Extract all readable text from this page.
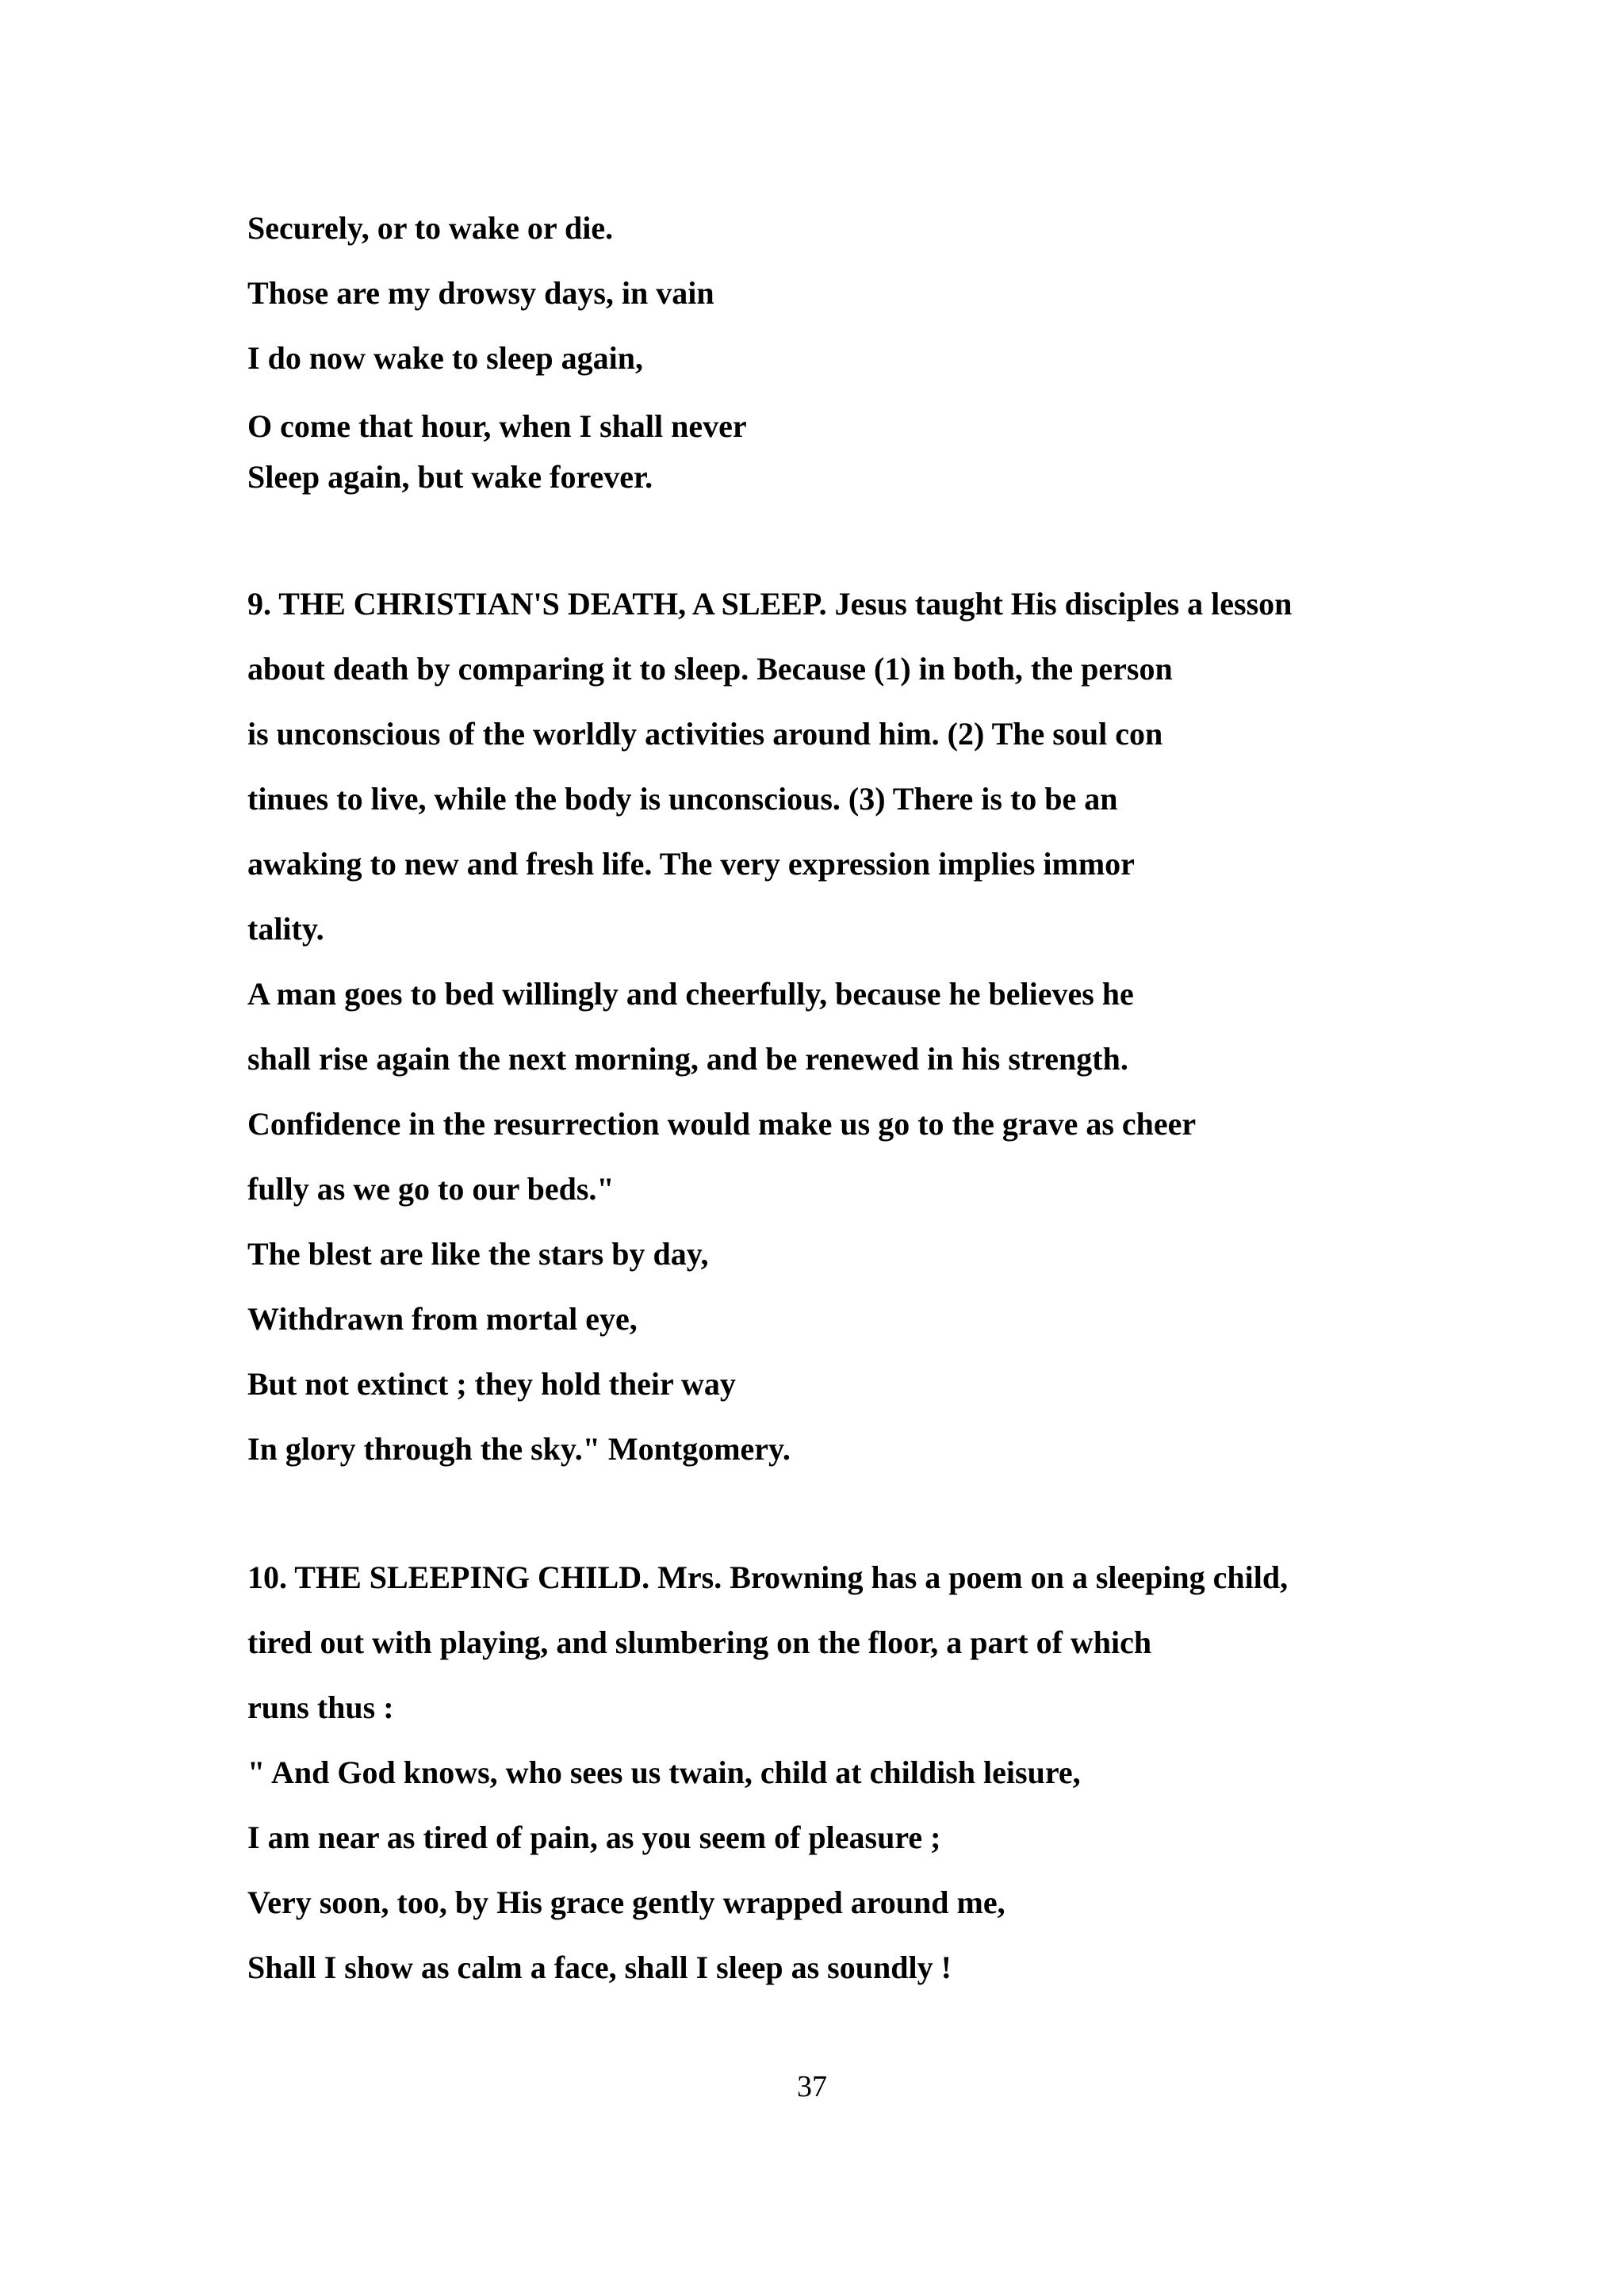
Securely, or to wake or die.

Those are my drowsy days, in vain

I do now wake to sleep again,

O come that hour, when I shall never

Sleep again, but wake forever.

9. THE CHRISTIAN'S DEATH, A SLEEP. Jesus taught His disciples a lesson

about death by comparing it to sleep. Because (1) in both, the person

is unconscious of the worldly activities around him. (2) The soul con

tinues to live, while the body is unconscious. (3) There is to be an

awaking to new and fresh life. The very expression implies immor

tality.

A man goes to bed willingly and cheerfully, because he believes he

shall rise again the next morning, and be renewed in his strength.

Confidence in the resurrection would make us go to the grave as cheer

fully as we go to our beds."

The blest are like the stars by day,

Withdrawn from mortal eye,

But not extinct ; they hold their way

In glory through the sky." Montgomery.

10. THE SLEEPING CHILD. Mrs. Browning has a poem on a sleeping child,

tired out with playing, and slumbering on the floor, a part of which

runs thus :

" And God knows, who sees us twain, child at childish leisure,

I am near as tired of pain, as you seem of pleasure ;

Very soon, too, by His grace gently wrapped around me,

Shall I show as calm a face, shall I sleep as soundly !

37
